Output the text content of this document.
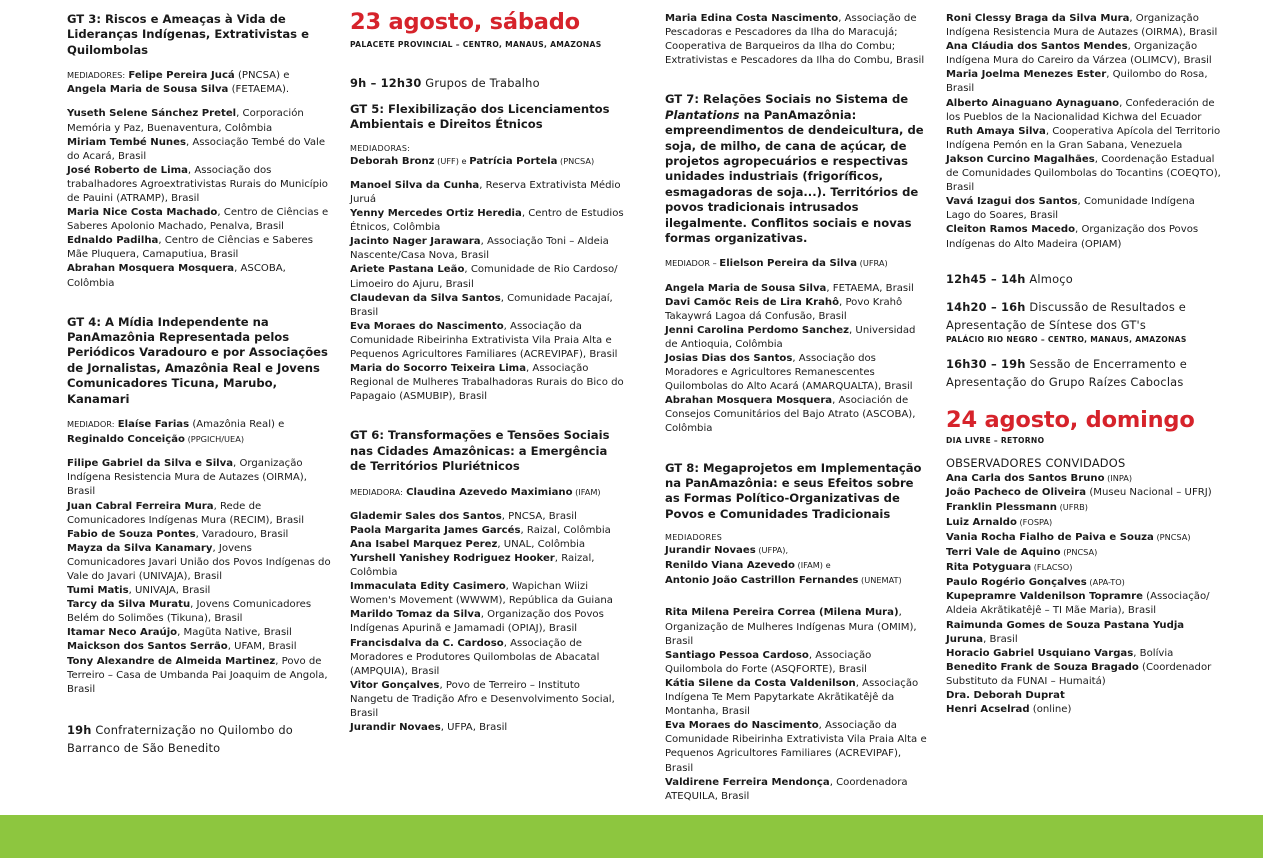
GT 3: Riscos e Ameaças à Vida de Lideranças Indígenas, Extrativistas e Quilombolas
MEDIADORES: Felipe Pereira Jucá (PNCSA) e
Angela Maria de Sousa Silva (FETAEMA).
Yuseth Selene Sánchez Pretel, Corporación Memória y Paz, Buenaventura, Colômbia
Miriam Tembé Nunes, Associação Tembé do Vale do Acará, Brasil
José Roberto de Lima, Associação dos trabalhadores Agroextrativistas Rurais do Município de Pauini (ATRAMP), Brasil
Maria Nice Costa Machado, Centro de Ciências e Saberes Apolonio Machado, Penalva, Brasil
Ednaldo Padilha, Centro de Ciências e Saberes Mãe Pluquera, Camaputiua, Brasil
Abrahan Mosquera Mosquera, ASCOBA, Colômbia
GT 4: A Mídia Independente na PanAmazônia Representada pelos Periódicos Varadouro e por Associações de Jornalistas, Amazônia Real e Jovens Comunicadores Ticuna, Marubo, Kanamari
MEDIADOR: Elaíse Farias (Amazônia Real) e
Reginaldo Conceição (PPGICH/UEA)
Filipe Gabriel da Silva e Silva, Organização Indígena Resistencia Mura de Autazes (OIRMA), Brasil
Juan Cabral Ferreira Mura, Rede de Comunicadores Indígenas Mura (RECIM), Brasil
Fabio de Souza Pontes, Varadouro, Brasil
Mayza da Silva Kanamary, Jovens Comunicadores Javari União dos Povos Indígenas do Vale do Javari (UNIVAJA), Brasil
Tumi Matis, UNIVAJA, Brasil
Tarcy da Silva Muratu, Jovens Comunicadores Belém do Solimões (Tikuna), Brasil
Itamar Neco Araújo, Magüta Native, Brasil
Maickson dos Santos Serrão, UFAM, Brasil
Tony Alexandre de Almeida Martinez, Povo de Terreiro – Casa de Umbanda Pai Joaquim de Angola, Brasil
19h Confraternização no Quilombo do Barranco de São Benedito
23 agosto, sábado
PALACETE PROVINCIAL – CENTRO, MANAUS, AMAZONAS
9h – 12h30 Grupos de Trabalho
GT 5: Flexibilização dos Licenciamentos Ambientais e Direitos Étnicos
MEDIADORAS:
Deborah Bronz (UFF) e Patrícia Portela (PNCSA)
Manoel Silva da Cunha, Reserva Extrativista Médio Juruá
Yenny Mercedes Ortiz Heredia, Centro de Estudios Étnicos, Colômbia
Jacinto Nager Jarawara, Associação Toni – Aldeia Nascente/Casa Nova, Brasil
Ariete Pastana Leão, Comunidade de Rio Cardoso/ Limoeiro do Ajuru, Brasil
Claudevan da Silva Santos, Comunidade Pacajaí, Brasil
Eva Moraes do Nascimento, Associação da Comunidade Ribeirinha Extrativista Vila Praia Alta e Pequenos Agricultores Familiares (ACREVIPAF), Brasil
Maria do Socorro Teixeira Lima, Associação Regional de Mulheres Trabalhadoras Rurais do Bico do Papagaio (ASMUBIP), Brasil
GT 6: Transformações e Tensões Sociais nas Cidades Amazônicas: a Emergência de Territórios Pluriétnicos
MEDIADORA: Claudina Azevedo Maximiano (IFAM)
Glademir Sales dos Santos, PNCSA, Brasil
Paola Margarita James Garcés, Raizal, Colômbia
Ana Isabel Marquez Perez, UNAL, Colômbia
Yurshell Yanishey Rodriguez Hooker, Raizal, Colômbia
Immaculata Edity Casimero, Wapichan Wiizi Women's Movement (WWWM), República da Guiana
Marildo Tomaz da Silva, Organização dos Povos Indígenas Apurinã e Jamamadi (OPIAJ), Brasil
Francisdalva da C. Cardoso, Associação de Moradores e Produtores Quilombolas de Abacatal (AMPQUIA), Brasil
Vitor Gonçalves, Povo de Terreiro – Instituto Nangetu de Tradição Afro e Desenvolvimento Social, Brasil
Jurandir Novaes, UFPA, Brasil
Maria Edina Costa Nascimento, Associação de Pescadoras e Pescadores da Ilha do Maracujá; Cooperativa de Barqueiros da Ilha do Combu; Extrativistas e Pescadores da Ilha do Combu, Brasil
GT 7: Relações Sociais no Sistema de Plantations na PanAmazônia: empreendimentos de dendeicultura, de soja, de milho, de cana de açúcar, de projetos agropecuários e respectivas unidades industriais (frigoríficos, esmagadoras de soja...). Territórios de povos tradicionais intrusados ilegalmente. Conflitos sociais e novas formas organizativas.
MEDIADOR – Elielson Pereira da Silva (UFRA)
Angela Maria de Sousa Silva, FETAEMA, Brasil
Davi Camõc Reis de Lira Krahô, Povo Krahô Takaywrá Lagoa dá Confusão, Brasil
Jenni Carolina Perdomo Sanchez, Universidad de Antioquia, Colômbia
Josias Dias dos Santos, Associação dos Moradores e Agricultores Remanescentes Quilombolas do Alto Acará (AMARQUALTA), Brasil
Abrahan Mosquera Mosquera, Asociación de Consejos Comunitários del Bajo Atrato (ASCOBA), Colômbia
GT 8: Megaprojetos em Implementação na PanAmazônia: e seus Efeitos sobre as Formas Político-Organizativas de Povos e Comunidades Tradicionais
MEDIADORES
Jurandir Novaes (UFPA),
Renildo Viana Azevedo (IFAM) e
Antonio João Castrillon Fernandes (UNEMAT)
Rita Milena Pereira Correa (Milena Mura), Organização de Mulheres Indígenas Mura (OMIM), Brasil
Santiago Pessoa Cardoso, Associação Quilombola do Forte (ASQFORTE), Brasil
Kátia Silene da Costa Valdenilson, Associação Indígena Te Mem Papytarkate Akrãtikatêjê da Montanha, Brasil
Eva Moraes do Nascimento, Associação da Comunidade Ribeirinha Extrativista Vila Praia Alta e Pequenos Agricultores Familiares (ACREVIPAF), Brasil
Valdirene Ferreira Mendonça, Coordenadora ATEQUILA, Brasil
Roni Clessy Braga da Silva Mura, Organização Indígena Resistencia Mura de Autazes (OIRMA), Brasil
Ana Cláudia dos Santos Mendes, Organização Indígena Mura do Careiro da Várzea (OLIMCV), Brasil
Maria Joelma Menezes Ester, Quilombo do Rosa, Brasil
Alberto Ainaguano Aynaguano, Confederación de los Pueblos de la Nacionalidad Kichwa del Ecuador
Ruth Amaya Silva, Cooperativa Apícola del Territorio Indígena Pemón en la Gran Sabana, Venezuela
Jakson Curcino Magalhães, Coordenação Estadual de Comunidades Quilombolas do Tocantins (COEQTO), Brasil
Vavá Izagui dos Santos, Comunidade Indígena Lago do Soares, Brasil
Cleiton Ramos Macedo, Organização dos Povos Indígenas do Alto Madeira (OPIAM)
12h45 – 14h Almoço
14h20 – 16h Discussão de Resultados e Apresentação de Síntese dos GT's
PALÁCIO RIO NEGRO – CENTRO, MANAUS, AMAZONAS
16h30 – 19h Sessão de Encerramento e Apresentação do Grupo Raízes Caboclas
24 agosto, domingo
DIA LIVRE – RETORNO
OBSERVADORES CONVIDADOS
Ana Carla dos Santos Bruno (INPA)
João Pacheco de Oliveira (Museu Nacional – UFRJ)
Franklin Plessmann (UFRB)
Luiz Arnaldo (FOSPA)
Vania Rocha Fialho de Paiva e Souza (PNCSA)
Terri Vale de Aquino (PNCSA)
Rita Potyguara (FLACSO)
Paulo Rogério Gonçalves (APA-TO)
Kupepramre Valdenilson Topramre (Associação/ Aldeia Akrãtikatêjê – TI Mãe Maria), Brasil
Raimunda Gomes de Souza Pastana Yudja Juruna, Brasil
Horacio Gabriel Usquiano Vargas, Bolívia
Benedito Frank de Souza Bragado (Coordenador Substituto da FUNAI – Humaitá)
Dra. Deborah Duprat
Henri Acselrad (online)
